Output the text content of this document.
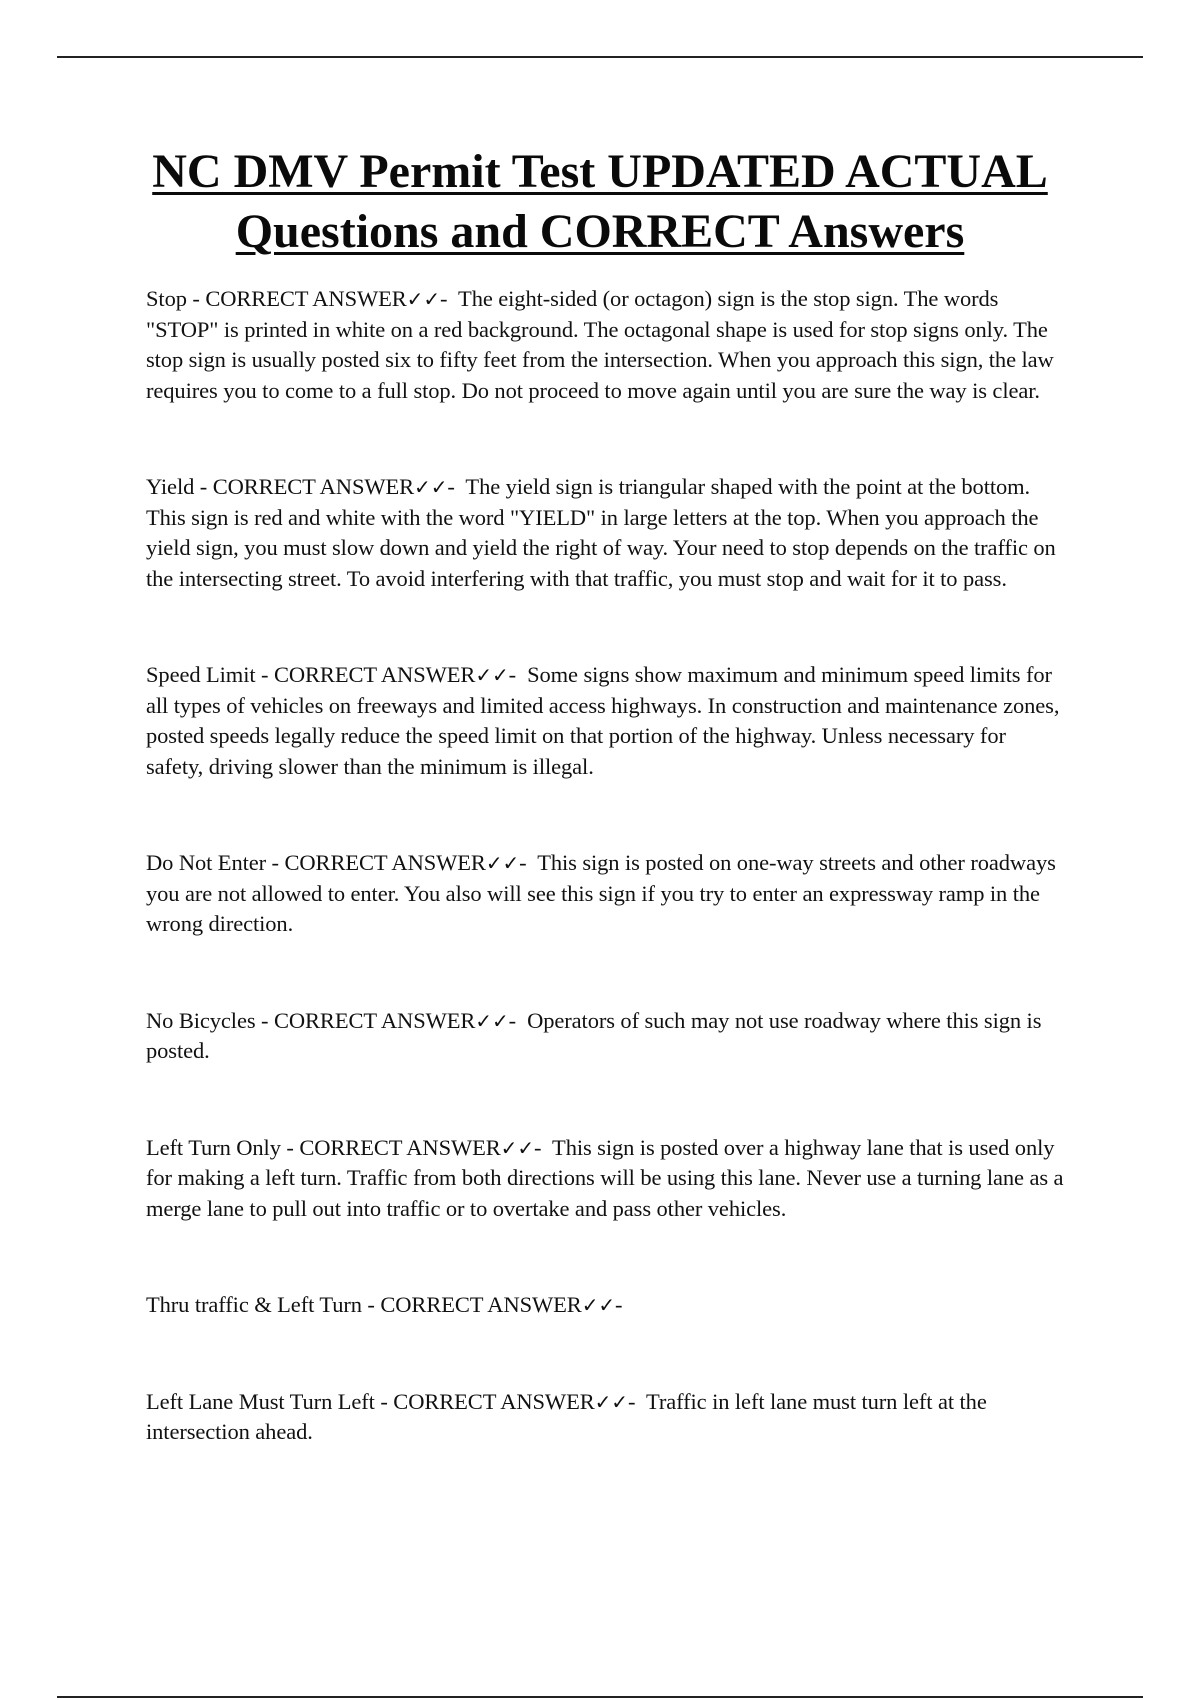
NC DMV Permit Test UPDATED ACTUAL
Questions and CORRECT Answers

Stop - CORRECT ANSWER✓✓-  The eight-sided (or octagon) sign is the stop sign. The words "STOP" is printed in white on a red background. The octagonal shape is used for stop signs only. The stop sign is usually posted six to fifty feet from the intersection. When you approach this sign, the law requires you to come to a full stop. Do not proceed to move again until you are sure the way is clear.

Yield - CORRECT ANSWER✓✓-  The yield sign is triangular shaped with the point at the bottom. This sign is red and white with the word "YIELD" in large letters at the top. When you approach the yield sign, you must slow down and yield the right of way. Your need to stop depends on the traffic on the intersecting street. To avoid interfering with that traffic, you must stop and wait for it to pass.

Speed Limit - CORRECT ANSWER✓✓-  Some signs show maximum and minimum speed limits for all types of vehicles on freeways and limited access highways. In construction and maintenance zones, posted speeds legally reduce the speed limit on that portion of the highway. Unless necessary for safety, driving slower than the minimum is illegal.

Do Not Enter - CORRECT ANSWER✓✓-  This sign is posted on one-way streets and other roadways you are not allowed to enter. You also will see this sign if you try to enter an expressway ramp in the wrong direction.

No Bicycles - CORRECT ANSWER✓✓-  Operators of such may not use roadway where this sign is posted.

Left Turn Only - CORRECT ANSWER✓✓-  This sign is posted over a highway lane that is used only for making a left turn. Traffic from both directions will be using this lane. Never use a turning lane as a merge lane to pull out into traffic or to overtake and pass other vehicles.

Thru traffic & Left Turn - CORRECT ANSWER✓✓-

Left Lane Must Turn Left - CORRECT ANSWER✓✓-  Traffic in left lane must turn left at the intersection ahead.
